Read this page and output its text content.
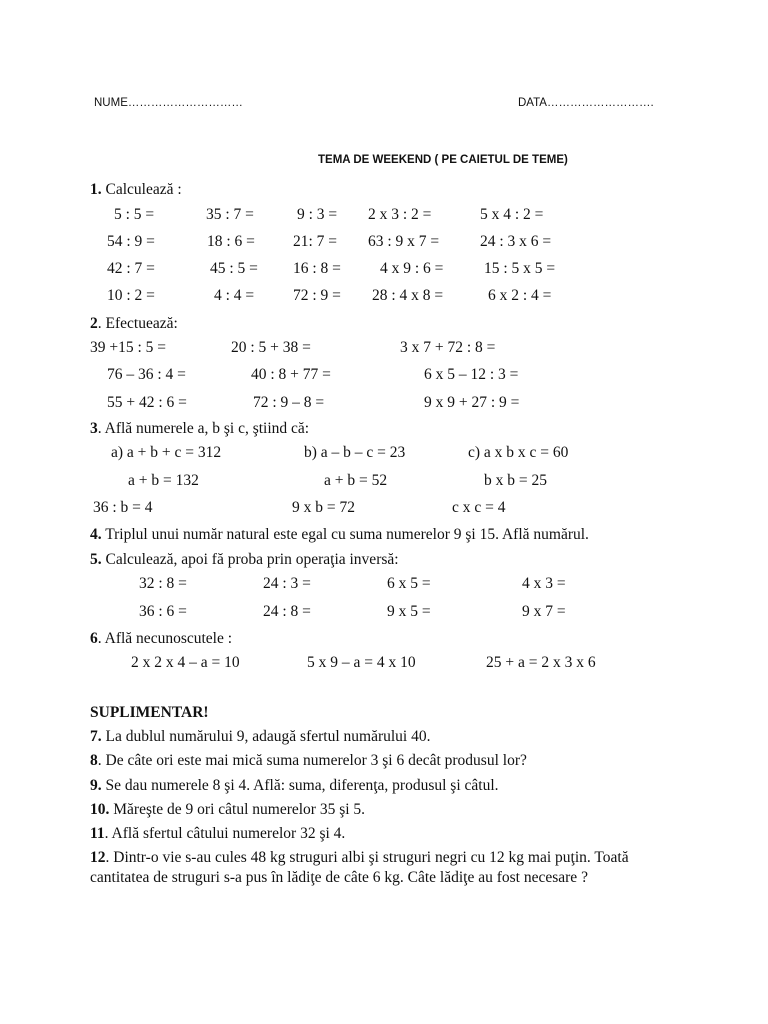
NUME…………………………	DATA……………………….
TEMA DE WEEKEND ( PE CAIETUL DE TEME)
1. Calculează :
5 : 5 =	35 : 7 =	9 : 3 = 2 x 3 : 2 =	5 x 4 : 2 =
54 : 9 =	18 : 6 = 21: 7 = 63 : 9 x 7 =	24 : 3 x 6 =
42 : 7 =	45 : 5 = 16 : 8 =	4 x 9 : 6 =	15 : 5 x 5 =
10 : 2 =	4 : 4 =	72 : 9 = 28 : 4 x 8 =	6 x 2 : 4 =
2. Efectuează:
39 +15 : 5 =	20 : 5 + 38 =	3 x 7 + 72 : 8 =
76 – 36 : 4 =	40 : 8 + 77 =	6 x 5 – 12 : 3 =
55 + 42 : 6 =	72 : 9 – 8 =	9 x 9 + 27 : 9 =
3. Află numerele a, b şi c, ştiind că:
a) a + b + c = 312	b) a – b – c = 23	c) a x b x c = 60
a + b = 132	a + b = 52	b x b = 25
36 : b = 4	9 x b = 72	c x c = 4
4. Triplul unui număr natural este egal cu suma numerelor 9 şi 15. Află numărul.
5. Calculează, apoi fă proba prin operaţia inversă:
32 : 8 =	24 : 3 =	6 x 5 =	4 x 3 =
36 : 6 =	24 : 8 =	9 x 5 =	9 x 7 =
6. Află necunoscutele :
2 x 2 x 4 – a = 10	5 x 9 – a = 4 x 10	25 + a = 2 x 3 x 6
SUPLIMENTAR!
7. La dublul numărului 9, adaugă sfertul numărului 40.
8. De câte ori este mai mică suma numerelor 3 şi 6 decât produsul lor?
9. Se dau numerele 8 şi 4. Află: suma, diferenţa, produsul şi câtul.
10. Măreşte de 9 ori câtul numerelor 35 şi 5.
11. Află sfertul câtului numerelor 32 şi 4.
12. Dintr-o vie s-au cules 48 kg struguri albi şi struguri negri cu 12 kg mai puţin. Toată
cantitatea de struguri s-a pus în lădiţe de câte 6 kg. Câte lădiţe au fost necesare ?
